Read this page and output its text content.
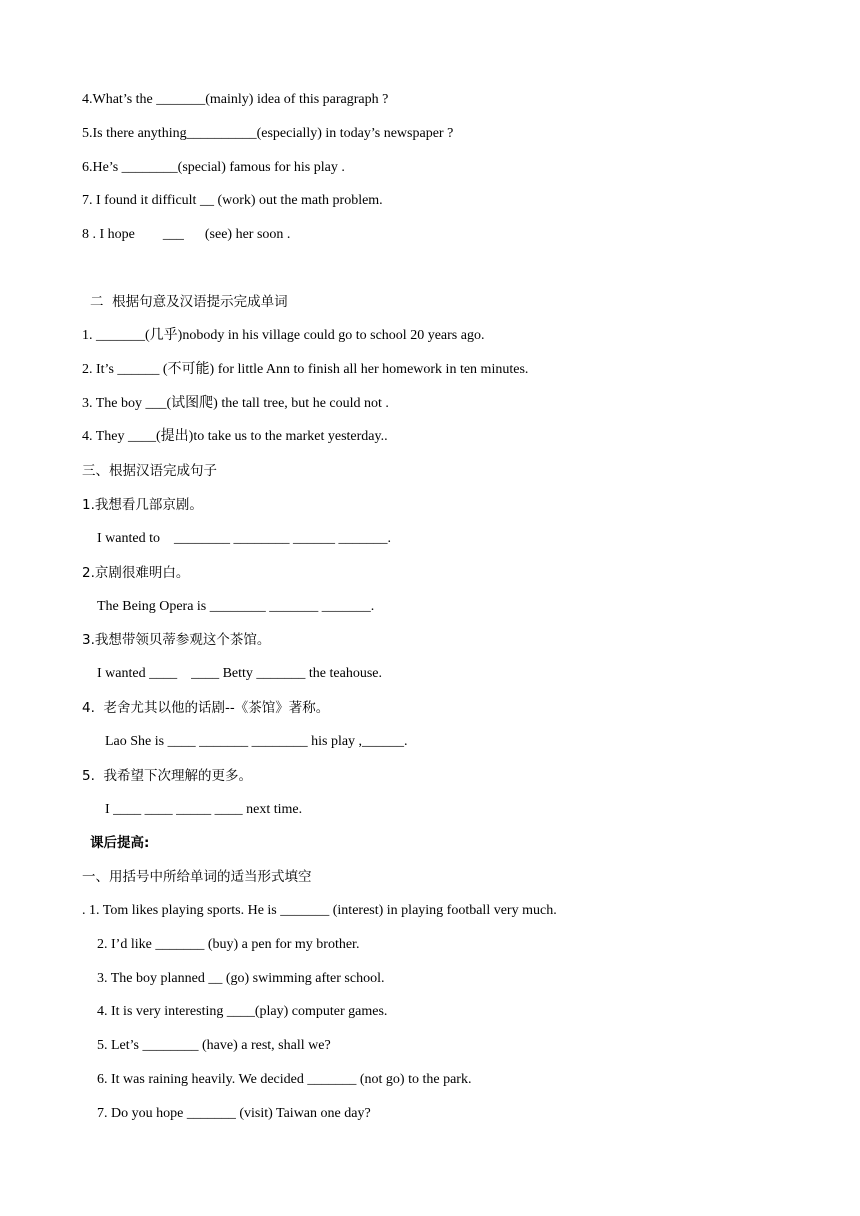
4.What’s the _______(mainly) idea of this paragraph ?
5.Is there anything__________(especially) in today’s newspaper ?
6.He’s ________(special) famous for his play .
7. I found it difficult __ (work) out the math problem.
8 . I hope        ___      (see) her soon .
二  根据句意及汉语提示完成单词
1. _______(几乎)nobody in his village could go to school 20 years ago.
2. It’s ______ (不可能) for little Ann to finish all her homework in ten minutes.
3. The boy ___(试图爬) the tall tree, but he could not .
4. They ____(提出)to take us to the market yesterday..
三、根据汉语完成句子
1.我想看几部京剧。
I wanted to    ________ ________ ______ _______.
2.京剧很难明白。
The Being Opera is ________ _______ _______.
3.我想带领贝蒂参观这个茶馆。
I wanted ____    ____ Betty _______ the teahouse.
4.  老舍尤其以他的话剧--《茶馆》著称。
Lao She is ____ _______ ________ his play ,______.
5.  我希望下次理解的更多。
I ____ ____ _____ ____ next time.
课后提高:
一、用括号中所给单词的适当形式填空
. 1. Tom likes playing sports. He is _______ (interest) in playing football very much.
2. I’d like _______ (buy) a pen for my brother.
3. The boy planned __ (go) swimming after school.
4. It is very interesting ____(play) computer games.
5. Let’s ________ (have) a rest, shall we?
6. It was raining heavily. We decided _______ (not go) to the park.
7. Do you hope _______ (visit) Taiwan one day?
